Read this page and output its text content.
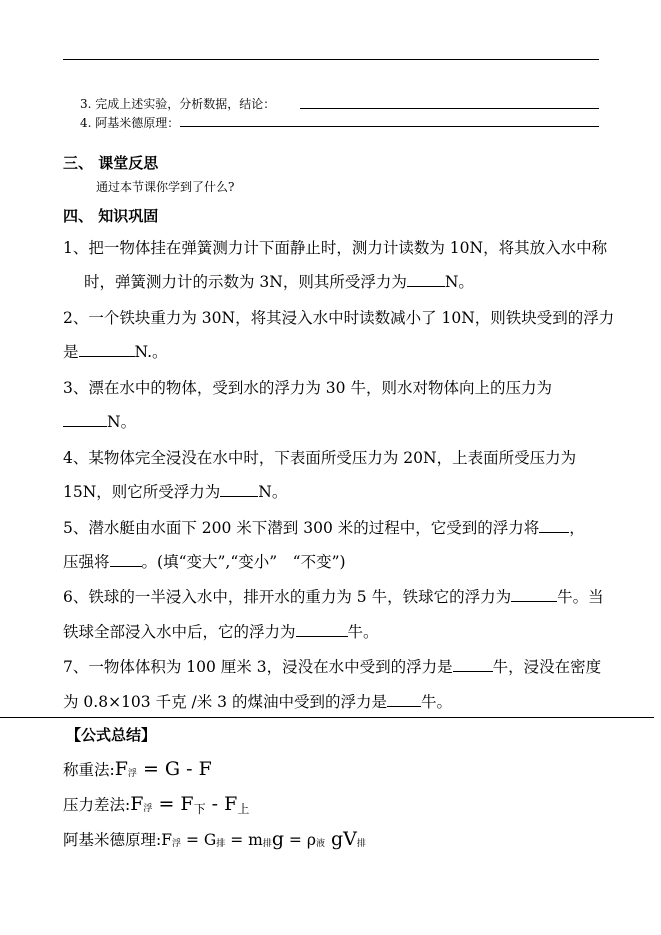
3. 完成上述实验，分析数据，结论：
4. 阿基米德原理：
三、 课堂反思
通过本节课你学到了什么?
四、 知识巩固
1、把一物体挂在弹簧测力计下面静止时，测力计读数为 10N，将其放入水中称
时，弹簧测力计的示数为 3N，则其所受浮力为 N。
2、一个铁块重力为 30N，将其浸入水中时读数减小了 10N，则铁块受到的浮力
是	N.。
3、漂在水中的物体，受到水的浮力为 30 牛，则水对物体向上的压力为
N。
4、某物体完全浸没在水中时，下表面所受压力为 20N，上表面所受压力为
15N，则它所受浮力为 N。
5、潜水艇由水面下 200 米下潜到 300 米的过程中，它受到的浮力将 ，
压强将 。(填“变大”,“变小”　“不变”)
6、铁球的一半浸入水中，排开水的重力为 5 牛，铁球它的浮力为	牛。当
铁球全部浸入水中后，它的浮力为	牛。
7、一物体体积为 100 厘米 3，浸没在水中受到的浮力是	牛，浸没在密度
为 0.8×103 千克 /米 3 的煤油中受到的浮力是 牛。
【公式总结】
称重法:F浮 = G - F
压力差法:F浮 = F下 - F上
阿基米德原理:F浮 = G排 = m排g = ρ液 gV排
